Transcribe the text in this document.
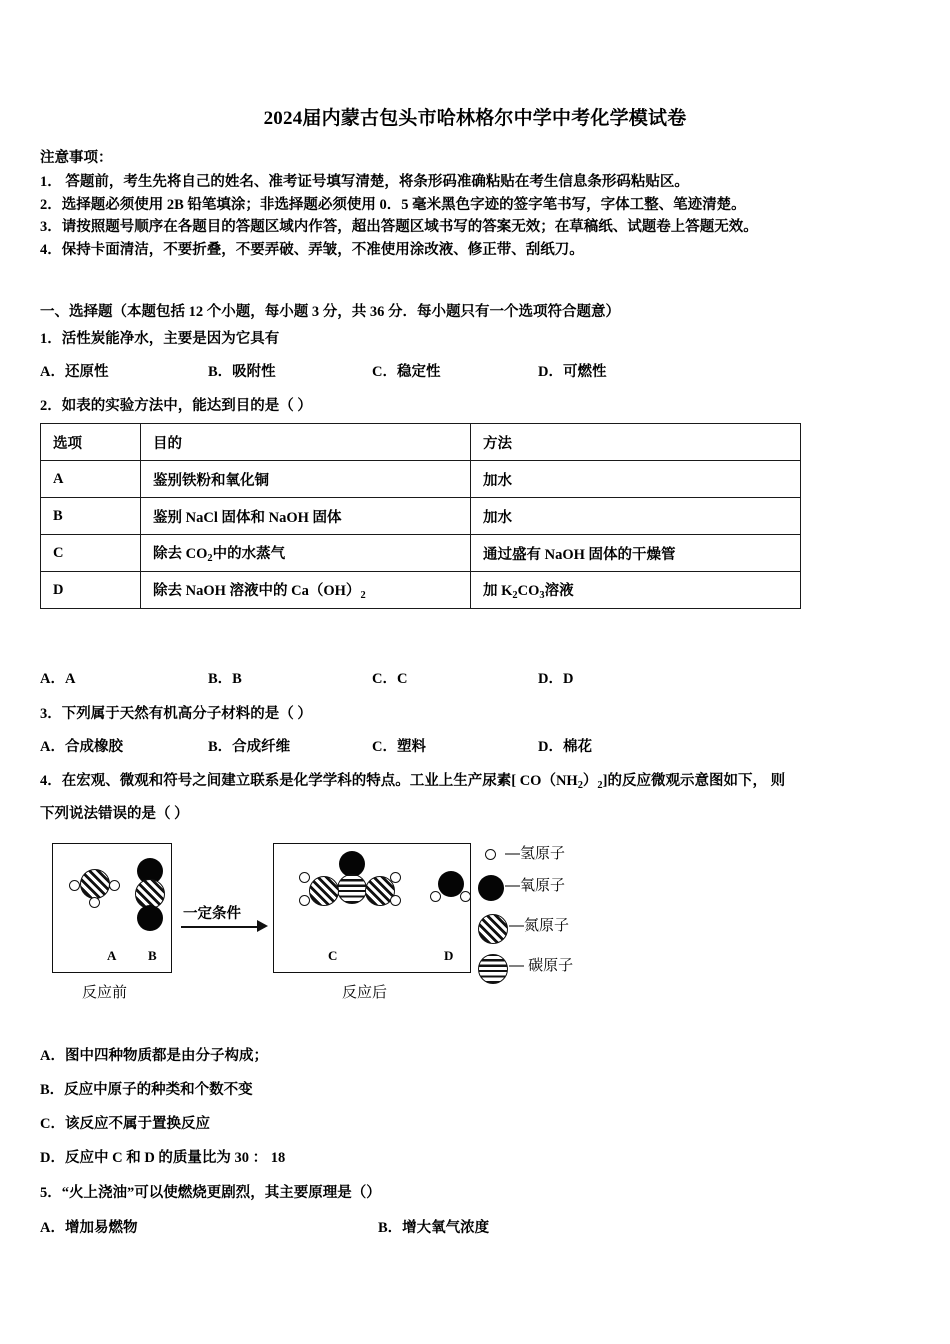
2024届内蒙古包头市哈林格尔中学中考化学模试卷
注意事项：
1． 答题前，考生先将自己的姓名、准考证号填写清楚，将条形码准确粘贴在考生信息条形码粘贴区。
2．选择题必须使用 2B 铅笔填涂；非选择题必须使用 0．5 毫米黑色字迹的签字笔书写，字体工整、笔迹清楚。
3．请按照题号顺序在各题目的答题区域内作答，超出答题区域书写的答案无效；在草稿纸、试题卷上答题无效。
4．保持卡面清洁，不要折叠，不要弄破、弄皱，不准使用涂改液、修正带、刮纸刀。
一、选择题（本题包括 12 个小题，每小题 3 分，共 36 分．每小题只有一个选项符合题意）
1．活性炭能净水，主要是因为它具有
A．还原性	B．吸附性	C．稳定性	D．可燃性
2．如表的实验方法中，能达到目的是（ ）
选项	目的	方法
A	鉴别铁粉和氧化铜	加水
B	鉴别 NaCl 固体和 NaOH 固体	加水
C	除去 $CO_2$中的水蒸气	通过盛有 NaOH 固体的干燥管
D	除去 NaOH 溶液中的 $Ca(OH)_2$	加 $K_2CO_3$溶液
A．A	B．B	C．C	D．D
3．下列属于天然有机高分子材料的是（ ）
A．合成橡胶	B．合成纤维	C．塑料	D．棉花
4．在宏观、微观和符号之间建立联系是化学学科的特点。工业上生产尿素[ $CO(NH_2)_2$]的反应微观示意图如下， 则
下列说法错误的是（ ）
A B
一定条件
C	D
反应前	反应后
—氢原子
—氧原子
—氮原子
— 碳原子
A．图中四种物质都是由分子构成；
B．反应中原子的种类和个数不变
C．该反应不属于置换反应
D．反应中 C 和 D 的质量比为 30 ： 18
5．“火上浇油”可以使燃烧更剧烈，其主要原理是（）
A．增加易燃物	B．增大氧气浓度
